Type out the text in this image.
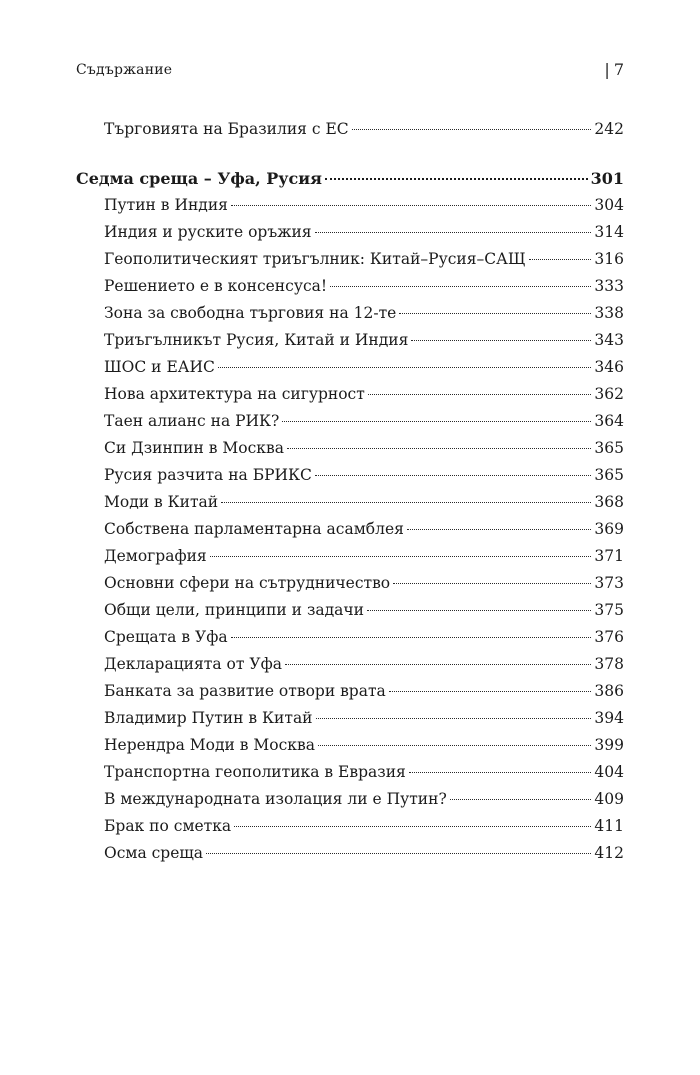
Съдържание	| 7
Търговията на Бразилия с ЕС	242
Седма среща – Уфа, Русия	301
Путин в Индия	304
Индия и руските оръжия	314
Геополитическият триъгълник: Китай–Русия–САЩ	316
Решението е в консенсуса!	333
Зона за свободна търговия на 12-те	338
Триъгълникът Русия, Китай и Индия	343
ШОС и ЕАИС	346
Нова архитектура на сигурност	362
Таен алианс на РИК?	364
Си Дзинпин в Москва	365
Русия разчита на БРИКС	365
Моди в Китай	368
Собствена парламентарна асамблея	369
Демография	371
Основни сфери на сътрудничество	373
Общи цели, принципи и задачи	375
Срещата в Уфа	376
Декларацията от Уфа	378
Банката за развитие отвори врата	386
Владимир Путин в Китай	394
Нерендра Моди в Москва	399
Транспортна геополитика в Евразия	404
В международната изолация ли е Путин?	409
Брак по сметка	411
Осма среща	412
